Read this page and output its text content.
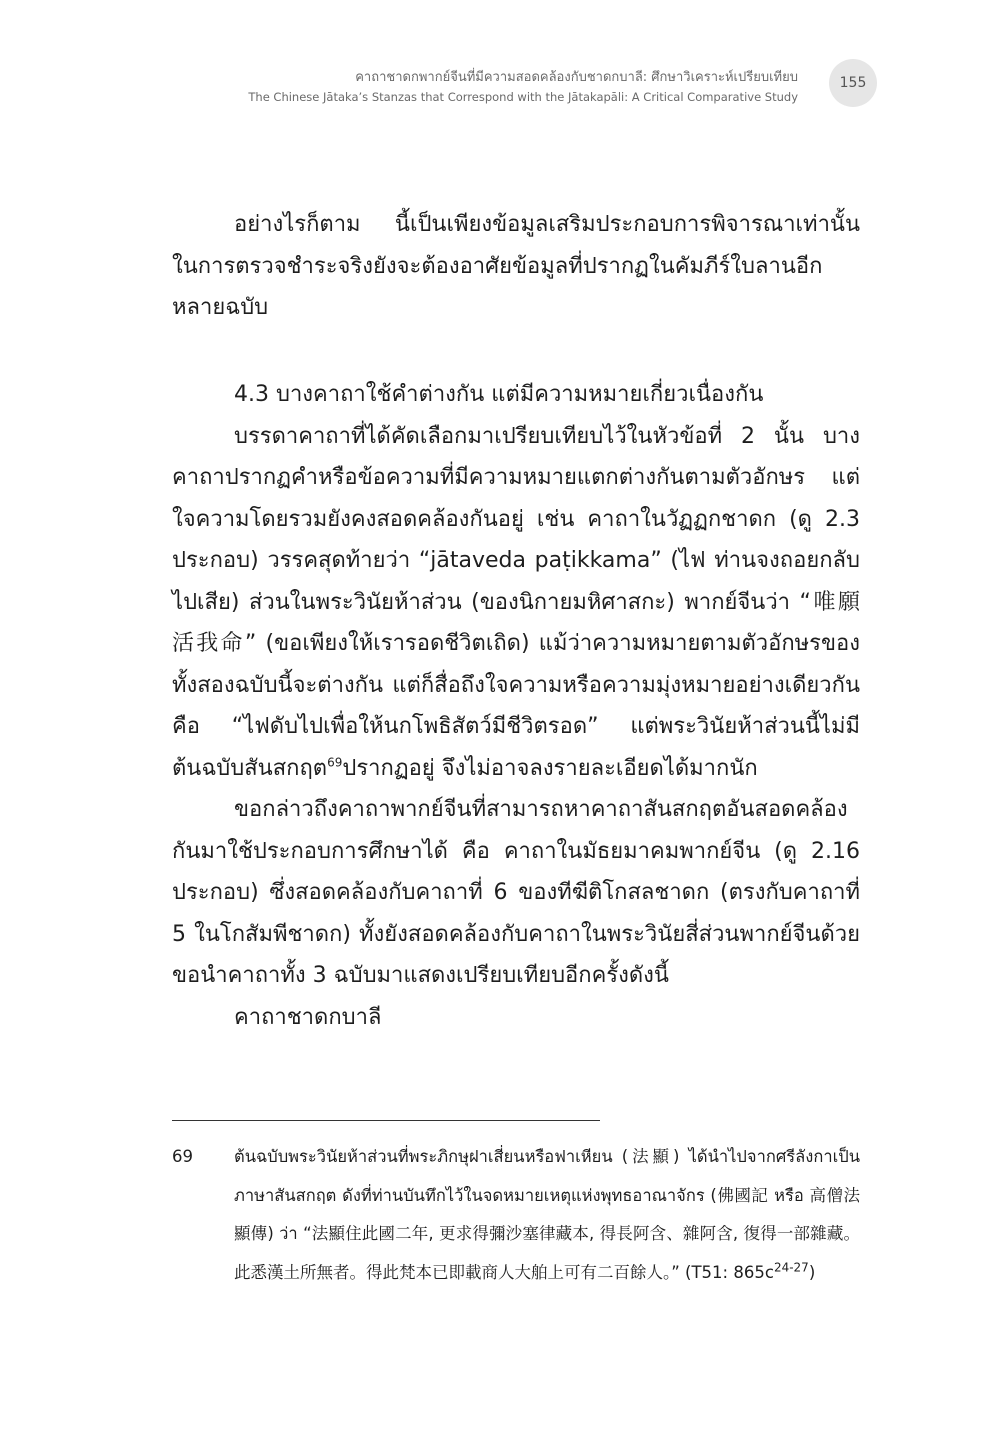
คาถาชาดกพากย์จีนที่มีความสอดคล้องกับชาดกบาลี: ศึกษาวิเคราะห์เปรียบเทียบ
The Chinese Jātaka’s Stanzas that Correspond with the Jātakapāli: A Critical Comparative Study
155

อย่างไรก็ตาม นี้เป็นเพียงข้อมูลเสริมประกอบการพิจารณาเท่านั้น ในการตรวจชำระจริงยังจะต้องอาศัยข้อมูลที่ปรากฏในคัมภีร์ใบลานอีกหลายฉบับ

4.3 บางคาถาใช้คำต่างกัน แต่มีความหมายเกี่ยวเนื่องกัน

บรรดาคาถาที่ได้คัดเลือกมาเปรียบเทียบไว้ในหัวข้อที่ 2 นั้น บางคาถาปรากฏคำหรือข้อความที่มีความหมายแตกต่างกันตามตัวอักษร แต่ใจความโดยรวมยังคงสอดคล้องกันอยู่ เช่น คาถาในวัฏฏกชาดก (ดู 2.3 ประกอบ) วรรคสุดท้ายว่า “jātaveda paṭikkama” (ไฟ ท่านจงถอยกลับไปเสีย) ส่วนในพระวินัยห้าส่วน (ของนิกายมหิศาสกะ) พากย์จีนว่า “唯願活我命” (ขอเพียงให้เรารอดชีวิตเถิด) แม้ว่าความหมายตามตัวอักษรของทั้งสองฉบับนี้จะต่างกัน แต่ก็สื่อถึงใจความหรือความมุ่งหมายอย่างเดียวกันคือ “ไฟดับไปเพื่อให้นกโพธิสัตว์มีชีวิตรอด” แต่พระวินัยห้าส่วนนี้ไม่มีต้นฉบับสันสกฤต$^{69}$ปรากฏอยู่ จึงไม่อาจลงรายละเอียดได้มากนัก

ขอกล่าวถึงคาถาพากย์จีนที่สามารถหาคาถาสันสกฤตอันสอดคล้องกันมาใช้ประกอบการศึกษาได้ คือ คาถาในมัธยมาคมพากย์จีน (ดู 2.16 ประกอบ) ซึ่งสอดคล้องกับคาถาที่ 6 ของทีฆีติโกสลชาดก (ตรงกับคาถาที่ 5 ในโกสัมพีชาดก) ทั้งยังสอดคล้องกับคาถาในพระวินัยสี่ส่วนพากย์จีนด้วย ขอนำคาถาทั้ง 3 ฉบับมาแสดงเปรียบเทียบอีกครั้งดังนี้

คาถาชาดกบาลี

69 ต้นฉบับพระวินัยห้าส่วนที่พระภิกษุฝาเสี่ยนหรือฟาเหียน (法顯) ได้นำไปจากศรีลังกาเป็นภาษาสันสกฤต ดังที่ท่านบันทึกไว้ในจดหมายเหตุแห่งพุทธอาณาจักร (佛國記 หรือ 高僧法顯傳) ว่า “法顯住此國二年, 更求得彌沙塞律藏本, 得長阿含、雜阿含, 復得一部雜藏。此悉漢土所無者。得此梵本已即載商人大舶上可有二百餘人。” (T51: $865c^{24-27}$)
